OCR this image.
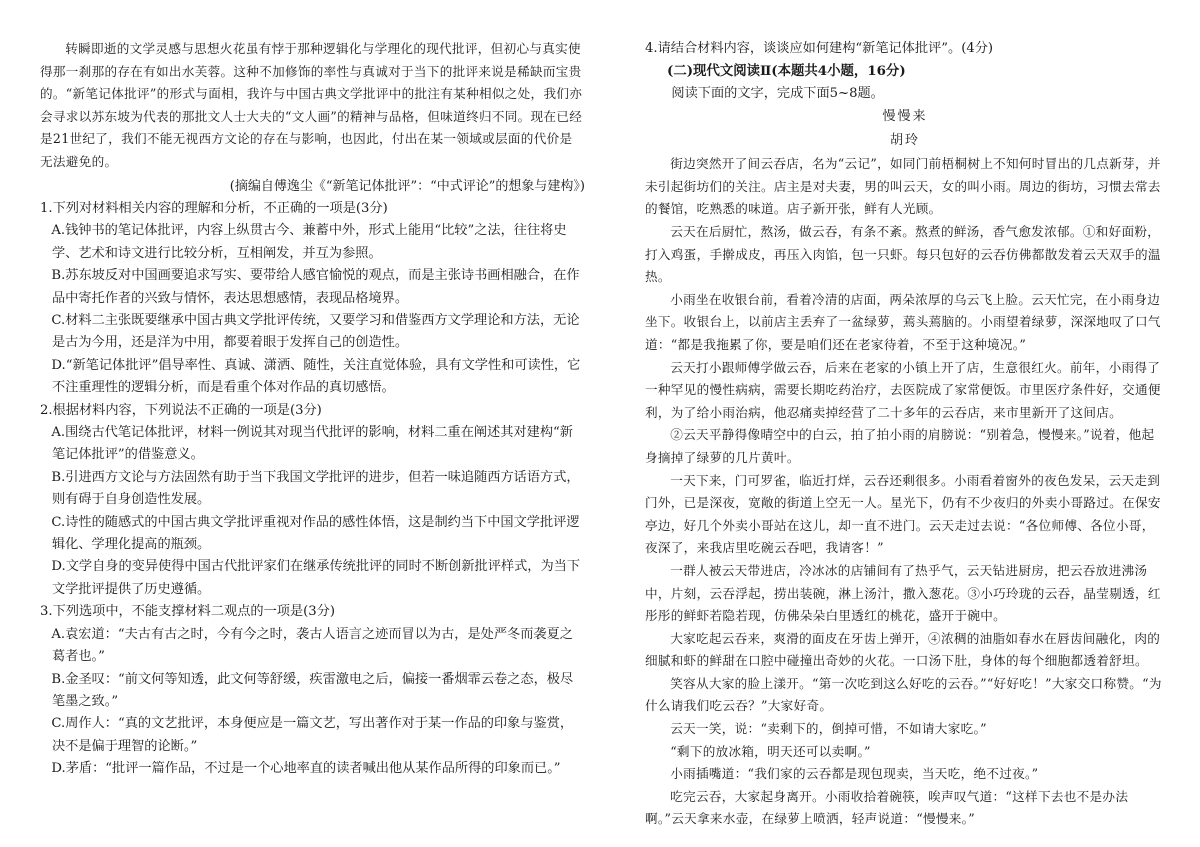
转瞬即逝的文学灵感与思想火花虽有悖于那种逻辑化与学理化的现代批评，但初心与真实使得那一刹那的存在有如出水芙蓉。这种不加修饰的率性与真诚对于当下的批评来说是稀缺而宝贵的。“新笔记体批评”的形式与面相，我许与中国古典文学批评中的批注有某种相似之处，我们亦会寻求以苏东坡为代表的那批文人士大夫的“文人画”的精神与品格，但味道终归不同。现在已经是21世纪了，我们不能无视西方文论的存在与影响，也因此，付出在某一领域或层面的代价是无法避免的。

(摘编自傅逸尘《“新笔记体批评”：“中式评论”的想象与建构》)

1.下列对材料相关内容的理解和分析，不正确的一项是(3分)

A.钱钟书的笔记体批评，内容上纵贯古今、兼蓄中外，形式上能用“比较”之法，往往将史学、艺术和诗文进行比较分析，互相阐发，并互为参照。

B.苏东坡反对中国画要追求写实、要带给人感官愉悦的观点，而是主张诗书画相融合，在作品中寄托作者的兴致与情怀，表达思想感情，表现品格境界。

C.材料二主张既要继承中国古典文学批评传统，又要学习和借鉴西方文学理论和方法，无论是古为今用，还是洋为中用，都要着眼于发挥自己的创造性。

D.“新笔记体批评”倡导率性、真诚、潇洒、随性，关注直觉体验，具有文学性和可读性，它不注重理性的逻辑分析，而是看重个体对作品的真切感悟。

2.根据材料内容，下列说法不正确的一项是(3分)

A.围绕古代笔记体批评，材料一例说其对现当代批评的影响，材料二重在阐述其对建构“新笔记体批评”的借鉴意义。

B.引进西方文论与方法固然有助于当下我国文学批评的进步，但若一味追随西方话语方式，则有碍于自身创造性发展。

C.诗性的随感式的中国古典文学批评重视对作品的感性体悟，这是制约当下中国文学批评逻辑化、学理化提高的瓶颈。

D.文学自身的变异使得中国古代批评家们在继承传统批评的同时不断创新批评样式，为当下文学批评提供了历史遵循。

3.下列选项中，不能支撑材料二观点的一项是(3分)

A.袁宏道：“夫古有古之时，今有今之时，袭古人语言之迹而冒以为古，是处严冬而袭夏之葛者也。”

B.金圣叹：“前文何等知透，此文何等舒缓，疾雷激电之后，偏接一番烟霏云卷之态，极尽笔墨之致。”

C.周作人：“真的文艺批评，本身便应是一篇文艺，写出著作对于某一作品的印象与鉴赏，决不是偏于理智的论断。”

D.茅盾：“批评一篇作品，不过是一个心地率直的读者喊出他从某作品所得的印象而已。”

4.请结合材料内容，谈谈应如何建构“新笔记体批评”。(4分)

(二)现代文阅读Ⅱ(本题共4小题，16分)

阅读下面的文字，完成下面5~8题。

慢慢来

胡玲

街边突然开了间云吞店，名为“云记”，如同门前梧桐树上不知何时冒出的几点新芽，并未引起街坊们的关注。店主是对夫妻，男的叫云天，女的叫小雨。周边的街坊，习惯去常去的餐馆，吃熟悉的味道。店子新开张，鲜有人光顾。

云天在后厨忙，熬汤，做云吞，有条不紊。熬煮的鲜汤，香气愈发浓郁。①和好面粉，打入鸡蛋，手擀成皮，再压入肉馅，包一只虾。每只包好的云吞仿佛都散发着云天双手的温热。

小雨坐在收银台前，看着冷清的店面，两朵浓厚的乌云飞上脸。云天忙完，在小雨身边坐下。收银台上，以前店主丢弃了一盆绿萝，蔫头蔫脑的。小雨望着绿萝，深深地叹了口气道：“都是我拖累了你，要是咱们还在老家待着，不至于这种境况。”

云天打小跟师傅学做云吞，后来在老家的小镇上开了店，生意很红火。前年，小雨得了一种罕见的慢性病病，需要长期吃药治疗，去医院成了家常便饭。市里医疗条件好，交通便利，为了给小雨治病，他忍痛卖掉经营了二十多年的云吞店，来市里新开了这间店。

②云天平静得像晴空中的白云，拍了拍小雨的肩膀说：“别着急，慢慢来。”说着，他起身摘掉了绿萝的几片黄叶。

一天下来，门可罗雀，临近打烊，云吞还剩很多。小雨看着窗外的夜色发呆，云天走到门外，已是深夜，宽敞的街道上空无一人。星光下，仍有不少夜归的外卖小哥路过。在保安亭边，好几个外卖小哥站在这儿，却一直不进门。云天走过去说：“各位师傅、各位小哥，夜深了，来我店里吃碗云吞吧，我请客！”

一群人被云天带进店，冷冰冰的店铺间有了热乎气，云天钻进厨房，把云吞放进沸汤中，片刻，云吞浮起，捞出装碗，淋上汤汁，撒入葱花。③小巧玲珑的云吞，晶莹剔透，红彤彤的鲜虾若隐若现，仿佛朵朵白里透红的桃花，盛开于碗中。

大家吃起云吞来，爽滑的面皮在牙齿上弹开，④浓稠的油脂如春水在唇齿间融化，肉的细腻和虾的鲜甜在口腔中碰撞出奇妙的火花。一口汤下肚，身体的每个细胞都透着舒坦。

笑容从大家的脸上漾开。“第一次吃到这么好吃的云吞。”“好好吃！”大家交口称赞。“为什么请我们吃云吞？”大家好奇。

云天一笑，说：“卖剩下的，倒掉可惜，不如请大家吃。”

“剩下的放冰箱，明天还可以卖啊。”

小雨插嘴道：“我们家的云吞都是现包现卖，当天吃，绝不过夜。”

吃完云吞，大家起身离开。小雨收拾着碗筷，唉声叹气道：“这样下去也不是办法啊。”云天拿来水壶，在绿萝上喷洒，轻声说道：“慢慢来。”
